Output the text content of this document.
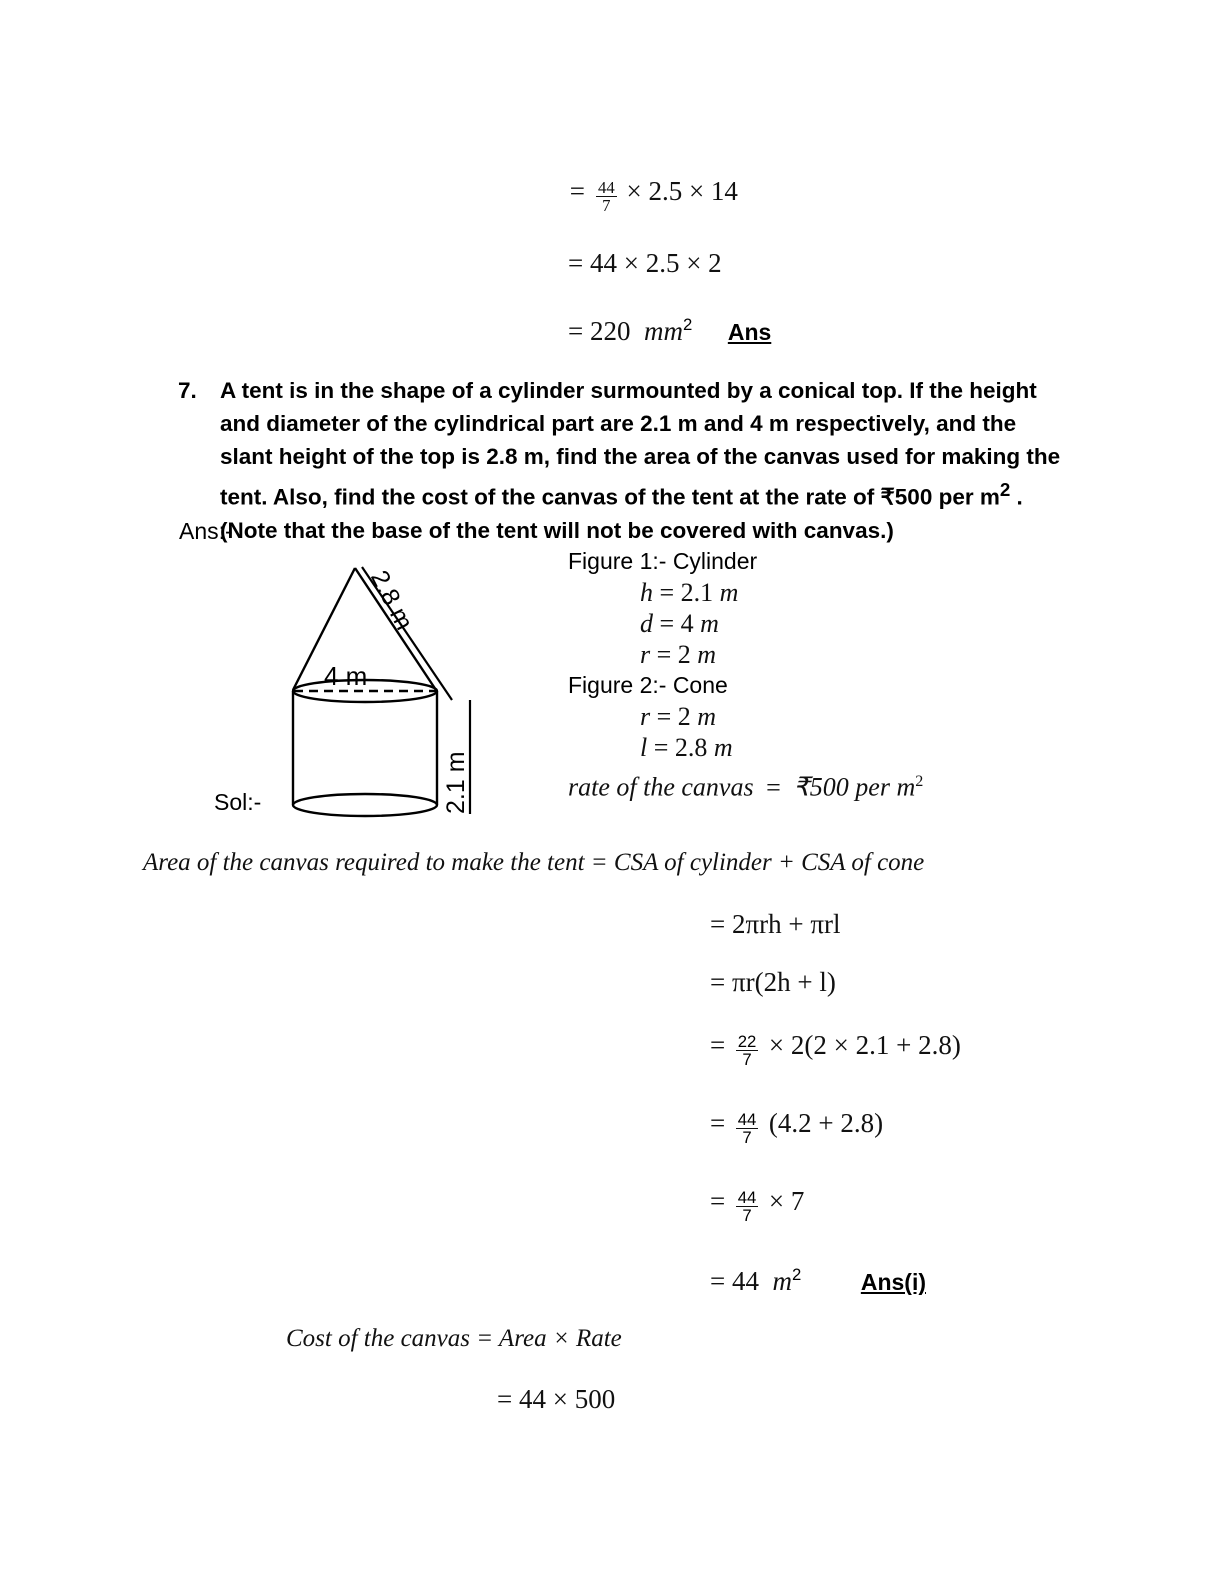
= $\frac{44}{7} \times 2.5 \times 14$
= 44 × 2.5 × 2
= 220 $mm^2$ Ans
7.	A tent is in the shape of a cylinder surmounted by a conical top. If the height and diameter of the cylindrical part are 2.1 m and 4 m respectively, and the slant height of the top is 2.8 m, find the area of the canvas used for making the tent. Also, find the cost of the canvas of the tent at the rate of ₹500 per $m^2$ . (Note that the base of the tent will not be covered with canvas.)
Ans:-
Sol:-
2.8 m
4 m
2.1 m
Figure 1:- Cylinder
h = 2.1 m
d = 4 m
r = 2 m
Figure 2:- Cone
r = 2 m
l = 2.8 m
rate of the canvas = ₹500 per $m^2$
Area of the canvas required to make the tent = CSA of cylinder + CSA of cone
= 2πrh + πrl
= πr(2h + l)
= $\frac{22}{7} \times 2(2 \times 2.1 + 2.8)$
= $\frac{44}{7} (4.2 + 2.8)$
= $\frac{44}{7} \times 7$
= 44 $m^2$	Ans(i)
Cost of the canvas = Area × Rate
= 44 × 500
